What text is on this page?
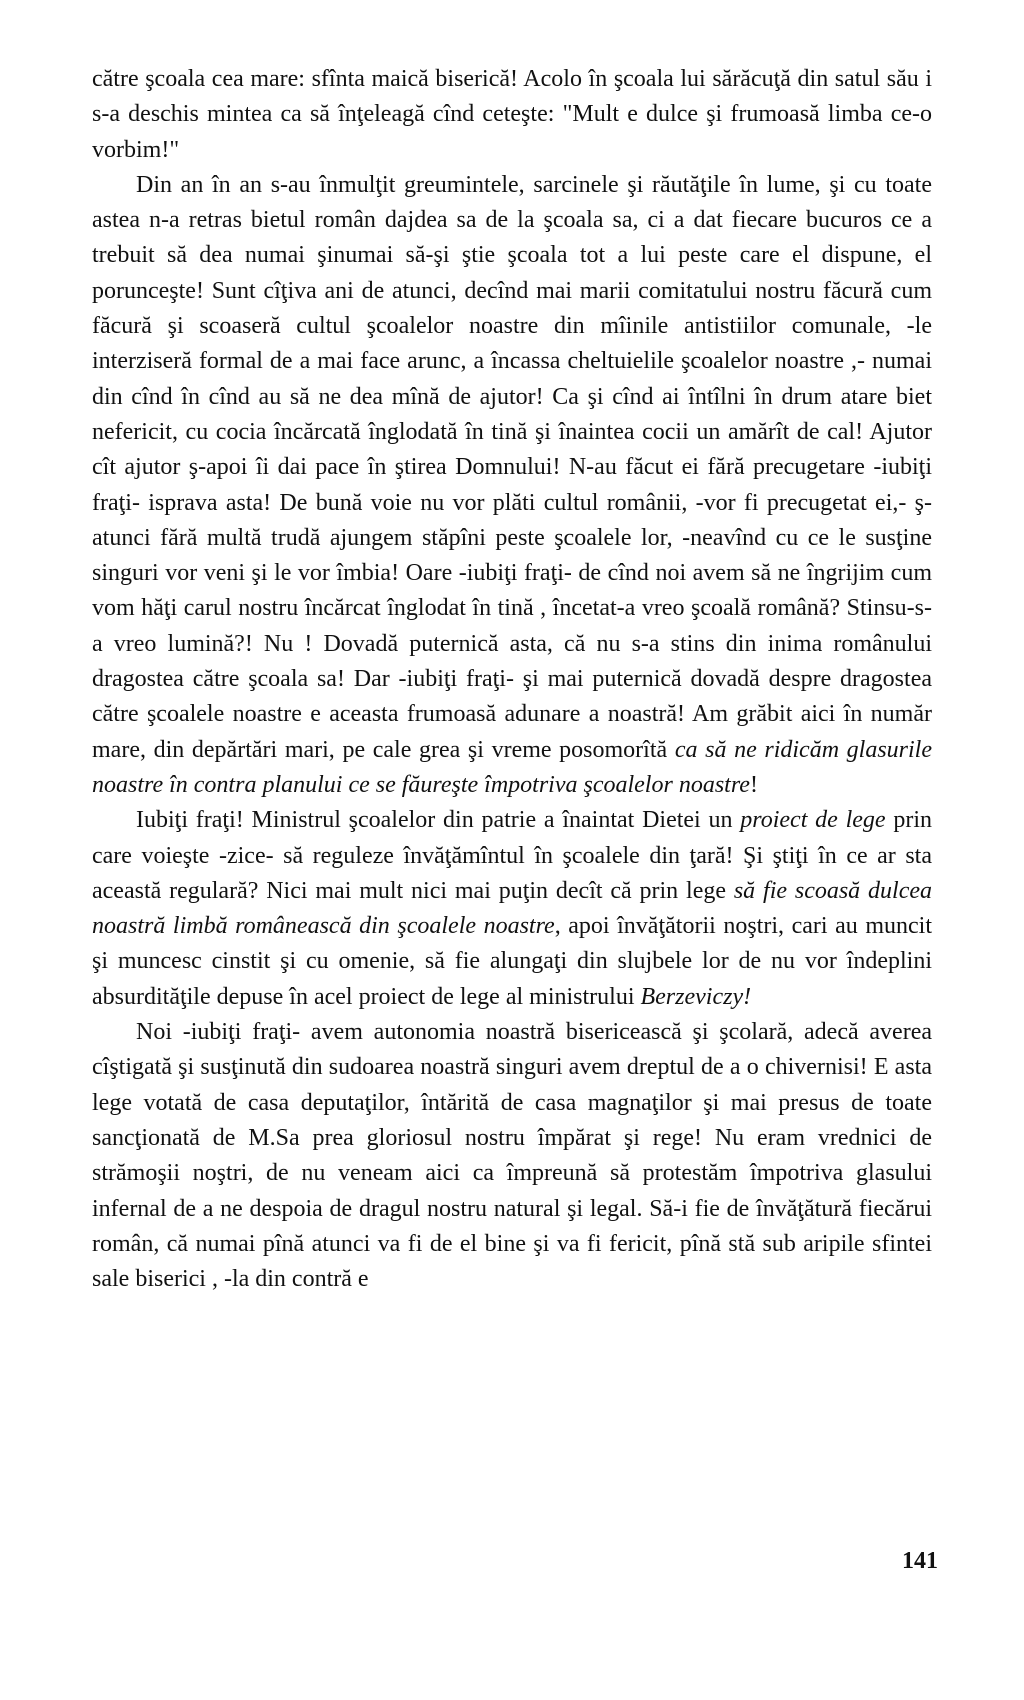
către şcoala cea mare: sfînta maică biserică! Acolo în şcoala lui sărăcuţă din satul său i s-a deschis mintea ca să înţeleagă cînd ceteşte: "Mult e dulce şi frumoasă limba ce-o vorbim!"

Din an în an s-au înmulţit greumintele, sarcinele şi răutăţile în lume, şi cu toate astea n-a retras bietul român dajdea sa de la şcoala sa, ci a dat fiecare bucuros ce a trebuit să dea numai şinumai să-şi ştie şcoala tot a lui peste care el dispune, el porunceşte! Sunt cîţiva ani de atunci, decînd mai marii comitatului nostru făcură cum făcură şi scoaseră cultul şcoalelor noastre din mîinile antistiilor comunale, -le interziseră formal de a mai face arunc, a încassa cheltuielile şcoalelor noastre ,- numai din cînd în cînd au să ne dea mînă de ajutor! Ca şi cînd ai întîlni în drum atare biet nefericit, cu cocia încărcată înglodată în tină şi înaintea cocii un amărît de cal! Ajutor cît ajutor ş-apoi îi dai pace în ştirea Domnului! N-au făcut ei fără precugetare -iubiţi fraţi- isprava asta! De bună voie nu vor plăti cultul românii, -vor fi precugetat ei,- ş-atunci fără multă trudă ajungem stăpîni peste şcoalele lor, -neavînd cu ce le susţine singuri vor veni şi le vor îmbia! Oare -iubiţi fraţi- de cînd noi avem să ne îngrijim cum vom hăţi carul nostru încărcat înglodat în tină , încetat-a vreo şcoală română? Stinsu-s-a vreo lumină?! Nu ! Dovadă puternică asta, că nu s-a stins din inima românului dragostea către şcoala sa! Dar -iubiţi fraţi- şi mai puternică dovadă despre dragostea către şcoalele noastre e aceasta frumoasă adunare a noastră! Am grăbit aici în număr mare, din depărtări mari, pe cale grea şi vreme posomorîtă ca să ne ridicăm glasurile noastre în contra planului ce se făureşte împotriva şcoalelor noastre!

Iubiţi fraţi! Ministrul şcoalelor din patrie a înaintat Dietei un proiect de lege prin care voieşte -zice- să reguleze învăţămîntul în şcoalele din ţară! Şi ştiţi în ce ar sta această regulară? Nici mai mult nici mai puţin decît că prin lege să fie scoasă dulcea noastră limbă românească din şcoalele noastre, apoi învăţătorii noştri, cari au muncit şi muncesc cinstit şi cu omenie, să fie alungaţi din slujbele lor de nu vor îndeplini absurdităţile depuse în acel proiect de lege al ministrului Berzeviczy!

Noi -iubiţi fraţi- avem autonomia noastră bisericească şi şcolară, adecă averea cîştigată şi susţinută din sudoarea noastră singuri avem dreptul de a o chivernisi! E asta lege votată de casa deputaţilor, întărită de casa magnaţilor şi mai presus de toate sancţionată de M.Sa prea gloriosul nostru împărat şi rege! Nu eram vrednici de strămoşii noştri, de nu veneam aici ca împreună să protestăm împotriva glasului infernal de a ne despoia de dragul nostru natural şi legal. Să-i fie de învăţătură fiecărui român, că numai pînă atunci va fi de el bine şi va fi fericit, pînă stă sub aripile sfintei sale biserici , -la din contră e

141
